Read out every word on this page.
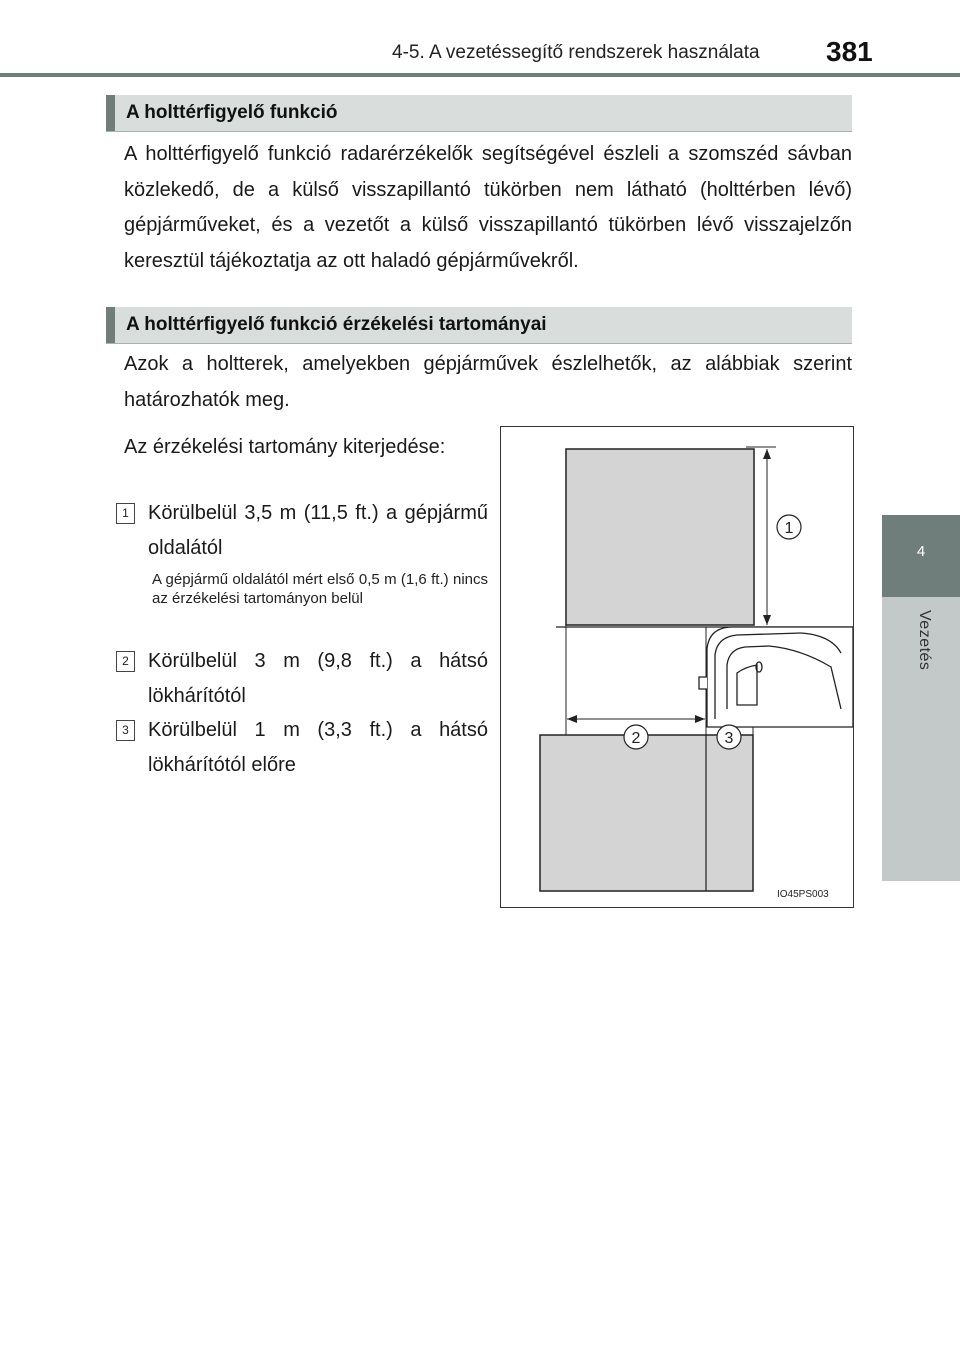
4-5. A vezetéssegítő rendszerek használata 381
4
Vezetés
A holttérfigyelő funkció
A holttérfigyelő funkció radarérzékelők segítségével észleli a szomszéd sávban közlekedő, de a külső visszapillantó tükörben nem látható (holttérben lévő) gépjárműveket, és a vezetőt a külső visszapillantó tükörben lévő visszajelzőn keresztül tájékoztatja az ott haladó gépjárművekről.
A holttérfigyelő funkció érzékelési tartományai
Azok a holtterek, amelyekben gépjárművek észlelhetők, az alábbiak szerint határozhatók meg.
Az érzékelési tartomány kiterjedése:
1 Körülbelül 3,5 m (11,5 ft.) a gépjármű oldalától
A gépjármű oldalától mért első 0,5 m (1,6 ft.) nincs az érzékelési tartományon belül
2 Körülbelül 3 m (9,8 ft.) a hátsó lökhárítótól
3 Körülbelül 1 m (3,3 ft.) a hátsó lökhárítótól előre
1
2	3
IO45PS003
